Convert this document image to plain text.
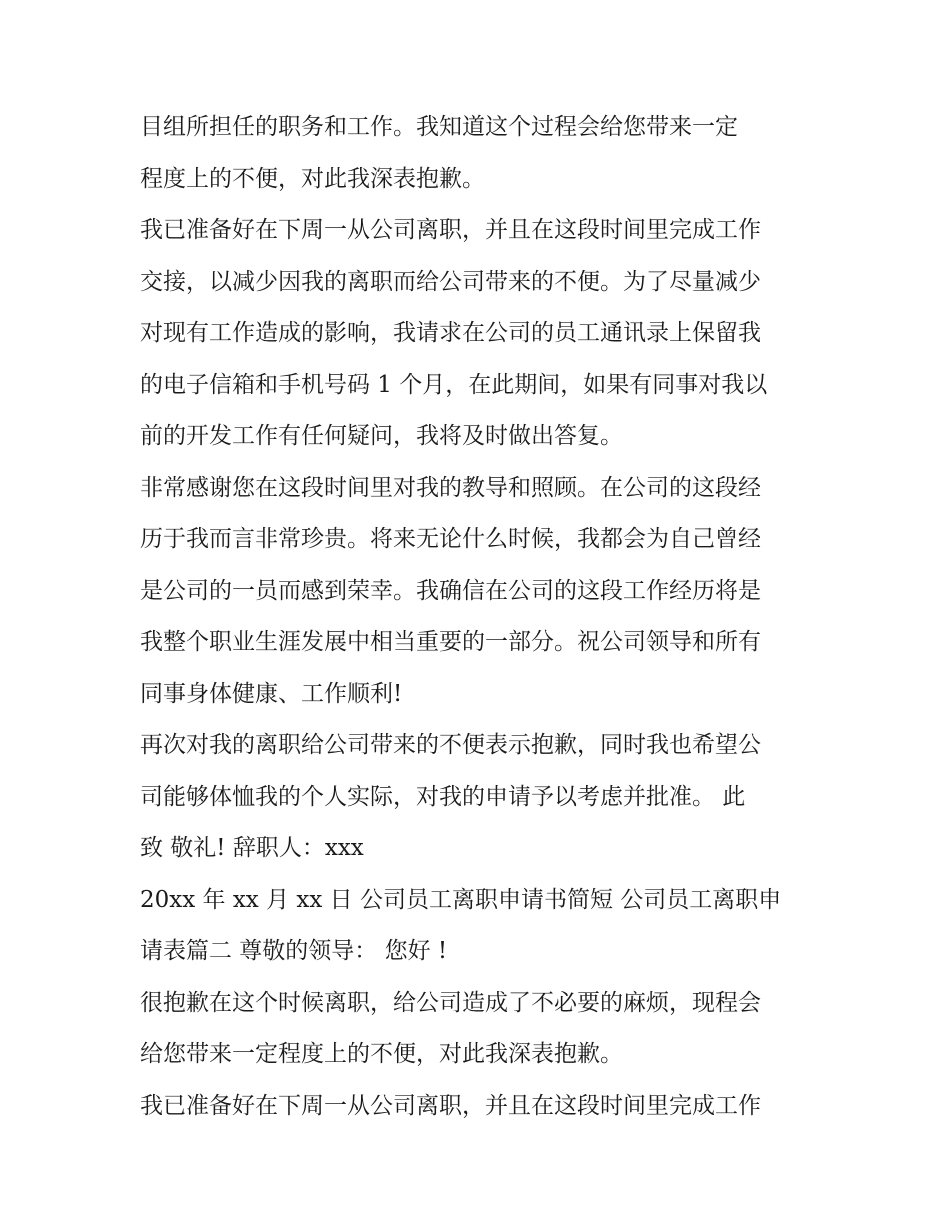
目组所担任的职务和工作。我知道这个过程会给您带来一定
程度上的不便，对此我深表抱歉。
我已准备好在下周一从公司离职，并且在这段时间里完成工作
交接，以减少因我的离职而给公司带来的不便。为了尽量减少
对现有工作造成的影响，我请求在公司的员工通讯录上保留我
的电子信箱和手机号码 1 个月，在此期间，如果有同事对我以
前的开发工作有任何疑问，我将及时做出答复。
非常感谢您在这段时间里对我的教导和照顾。在公司的这段经
历于我而言非常珍贵。将来无论什么时候，我都会为自己曾经
是公司的一员而感到荣幸。我确信在公司的这段工作经历将是
我整个职业生涯发展中相当重要的一部分。祝公司领导和所有
同事身体健康、工作顺利!
再次对我的离职给公司带来的不便表示抱歉，同时我也希望公
司能够体恤我的个人实际，对我的申请予以考虑并批准。 此
致 敬礼! 辞职人：xxx
20xx 年 xx 月 xx 日 公司员工离职申请书简短 公司员工离职申
请表篇二 尊敬的领导： 您好 !
很抱歉在这个时候离职，给公司造成了不必要的麻烦，现程会
给您带来一定程度上的不便，对此我深表抱歉。
我已准备好在下周一从公司离职，并且在这段时间里完成工作
